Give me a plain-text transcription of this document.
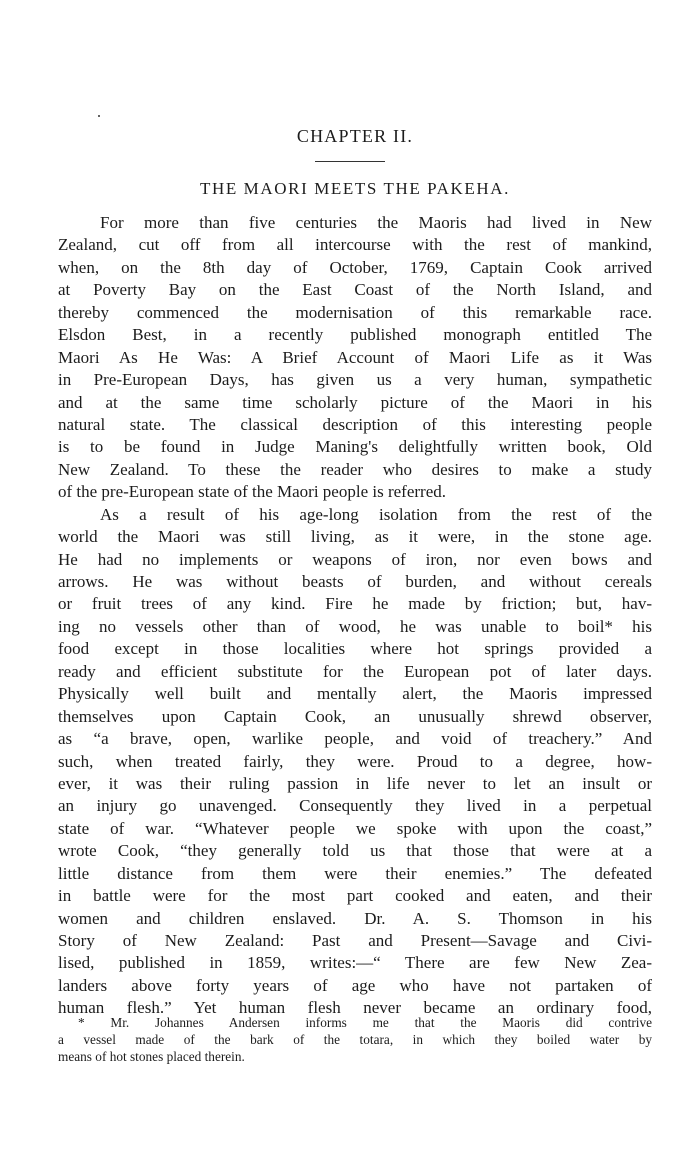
CHAPTER II.
THE MAORI MEETS THE PAKEHA.
For more than five centuries the Maoris had lived in New
Zealand, cut off from all intercourse with the rest of mankind,
when, on the 8th day of October, 1769, Captain Cook arrived
at Poverty Bay on the East Coast of the North Island, and
thereby commenced the modernisation of this remarkable race.
Elsdon Best, in a recently published monograph entitled The
Maori As He Was: A Brief Account of Maori Life as it Was
in Pre-European Days, has given us a very human, sympathetic
and at the same time scholarly picture of the Maori in his
natural state. The classical description of this interesting people
is to be found in Judge Maning's delightfully written book, Old
New Zealand. To these the reader who desires to make a study
of the pre-European state of the Maori people is referred.
As a result of his age-long isolation from the rest of the
world the Maori was still living, as it were, in the stone age.
He had no implements or weapons of iron, nor even bows and
arrows. He was without beasts of burden, and without cereals
or fruit trees of any kind. Fire he made by friction; but, hav-
ing no vessels other than of wood, he was unable to boil* his
food except in those localities where hot springs provided a
ready and efficient substitute for the European pot of later days.
Physically well built and mentally alert, the Maoris impressed
themselves upon Captain Cook, an unusually shrewd observer,
as “a brave, open, warlike people, and void of treachery.” And
such, when treated fairly, they were. Proud to a degree, how-
ever, it was their ruling passion in life never to let an insult or
an injury go unavenged. Consequently they lived in a perpetual
state of war. “Whatever people we spoke with upon the coast,”
wrote Cook, “they generally told us that those that were at a
little distance from them were their enemies.” The defeated
in battle were for the most part cooked and eaten, and their
women and children enslaved. Dr. A. S. Thomson in his
Story of New Zealand: Past and Present—Savage and Civi-
lised, published in 1859, writes:—“ There are few New Zea-
landers above forty years of age who have not partaken of
human flesh.” Yet human flesh never became an ordinary food,
* Mr. Johannes Andersen informs me that the Maoris did contrive
a vessel made of the bark of the totara, in which they boiled water by
means of hot stones placed therein.
